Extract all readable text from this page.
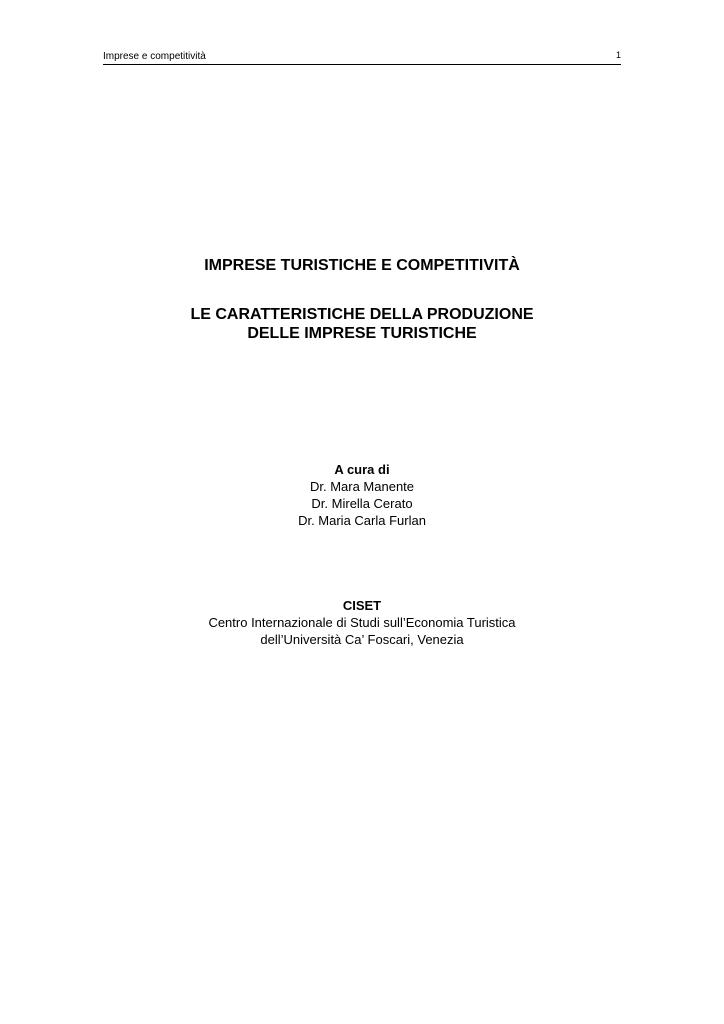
Imprese e competitività	1
IMPRESE TURISTICHE E COMPETITIVITÀ
LE CARATTERISTICHE DELLA PRODUZIONE
DELLE IMPRESE TURISTICHE
A cura di
Dr. Mara Manente
Dr. Mirella Cerato
Dr. Maria Carla Furlan
CISET
Centro Internazionale di Studi sull’Economia Turistica
dell’Università Ca’ Foscari, Venezia
